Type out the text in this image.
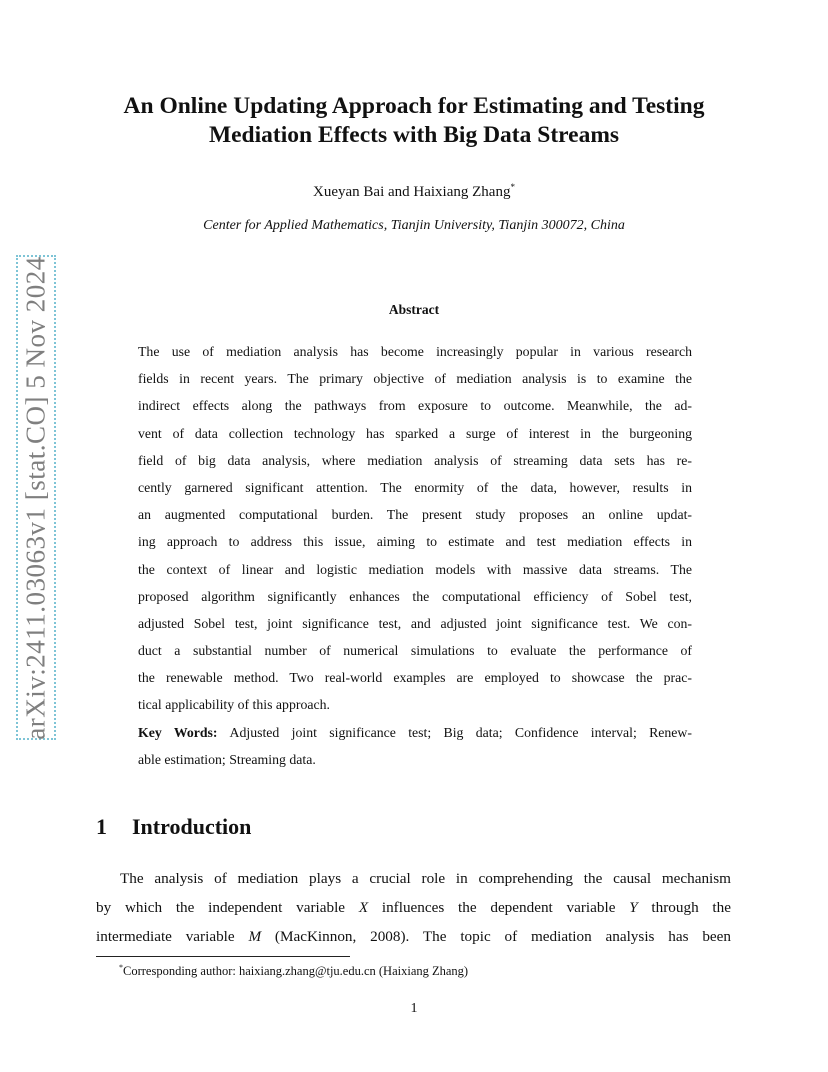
arXiv:2411.03063v1 [stat.CO] 5 Nov 2024
An Online Updating Approach for Estimating and Testing
Mediation Effects with Big Data Streams
Xueyan Bai and Haixiang Zhang*
Center for Applied Mathematics, Tianjin University, Tianjin 300072, China
Abstract
The use of mediation analysis has become increasingly popular in various research
fields in recent years. The primary objective of mediation analysis is to examine the
indirect effects along the pathways from exposure to outcome. Meanwhile, the ad-
vent of data collection technology has sparked a surge of interest in the burgeoning
field of big data analysis, where mediation analysis of streaming data sets has re-
cently garnered significant attention. The enormity of the data, however, results in
an augmented computational burden. The present study proposes an online updat-
ing approach to address this issue, aiming to estimate and test mediation effects in
the context of linear and logistic mediation models with massive data streams. The
proposed algorithm significantly enhances the computational efficiency of Sobel test,
adjusted Sobel test, joint significance test, and adjusted joint significance test. We con-
duct a substantial number of numerical simulations to evaluate the performance of
the renewable method. Two real-world examples are employed to showcase the prac-
tical applicability of this approach.
Key Words: Adjusted joint significance test; Big data; Confidence interval; Renew-
able estimation; Streaming data.
1 Introduction
The analysis of mediation plays a crucial role in comprehending the causal mechanism
by which the independent variable X influences the dependent variable Y through the
intermediate variable M (MacKinnon, 2008). The topic of mediation analysis has been
*Corresponding author: haixiang.zhang@tju.edu.cn (Haixiang Zhang)
1
